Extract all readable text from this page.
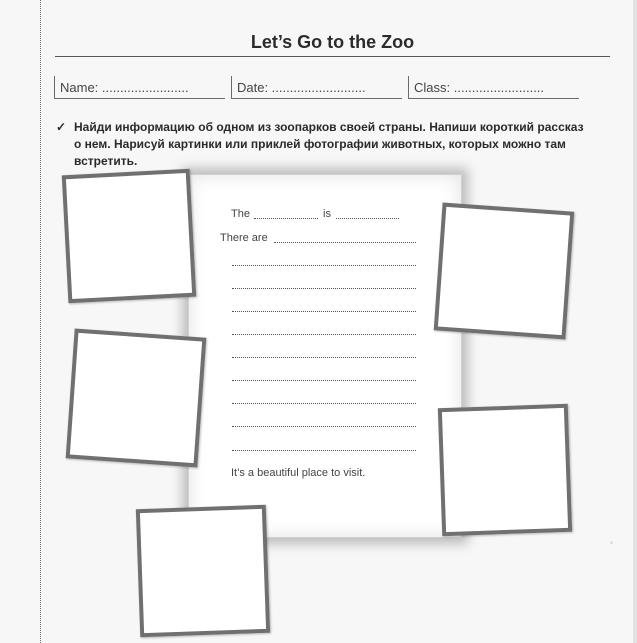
Let’s Go to the Zoo
Name: ........................	Date: ..........................	Class: .........................
✓ Найди информацию об одном из зоопарков своей страны. Напиши короткий рассказ о нем. Нарисуй картинки или приклей фотографии животных, которых можно там встретить.
The	is
There are
It’s a beautiful place to visit.
◦
